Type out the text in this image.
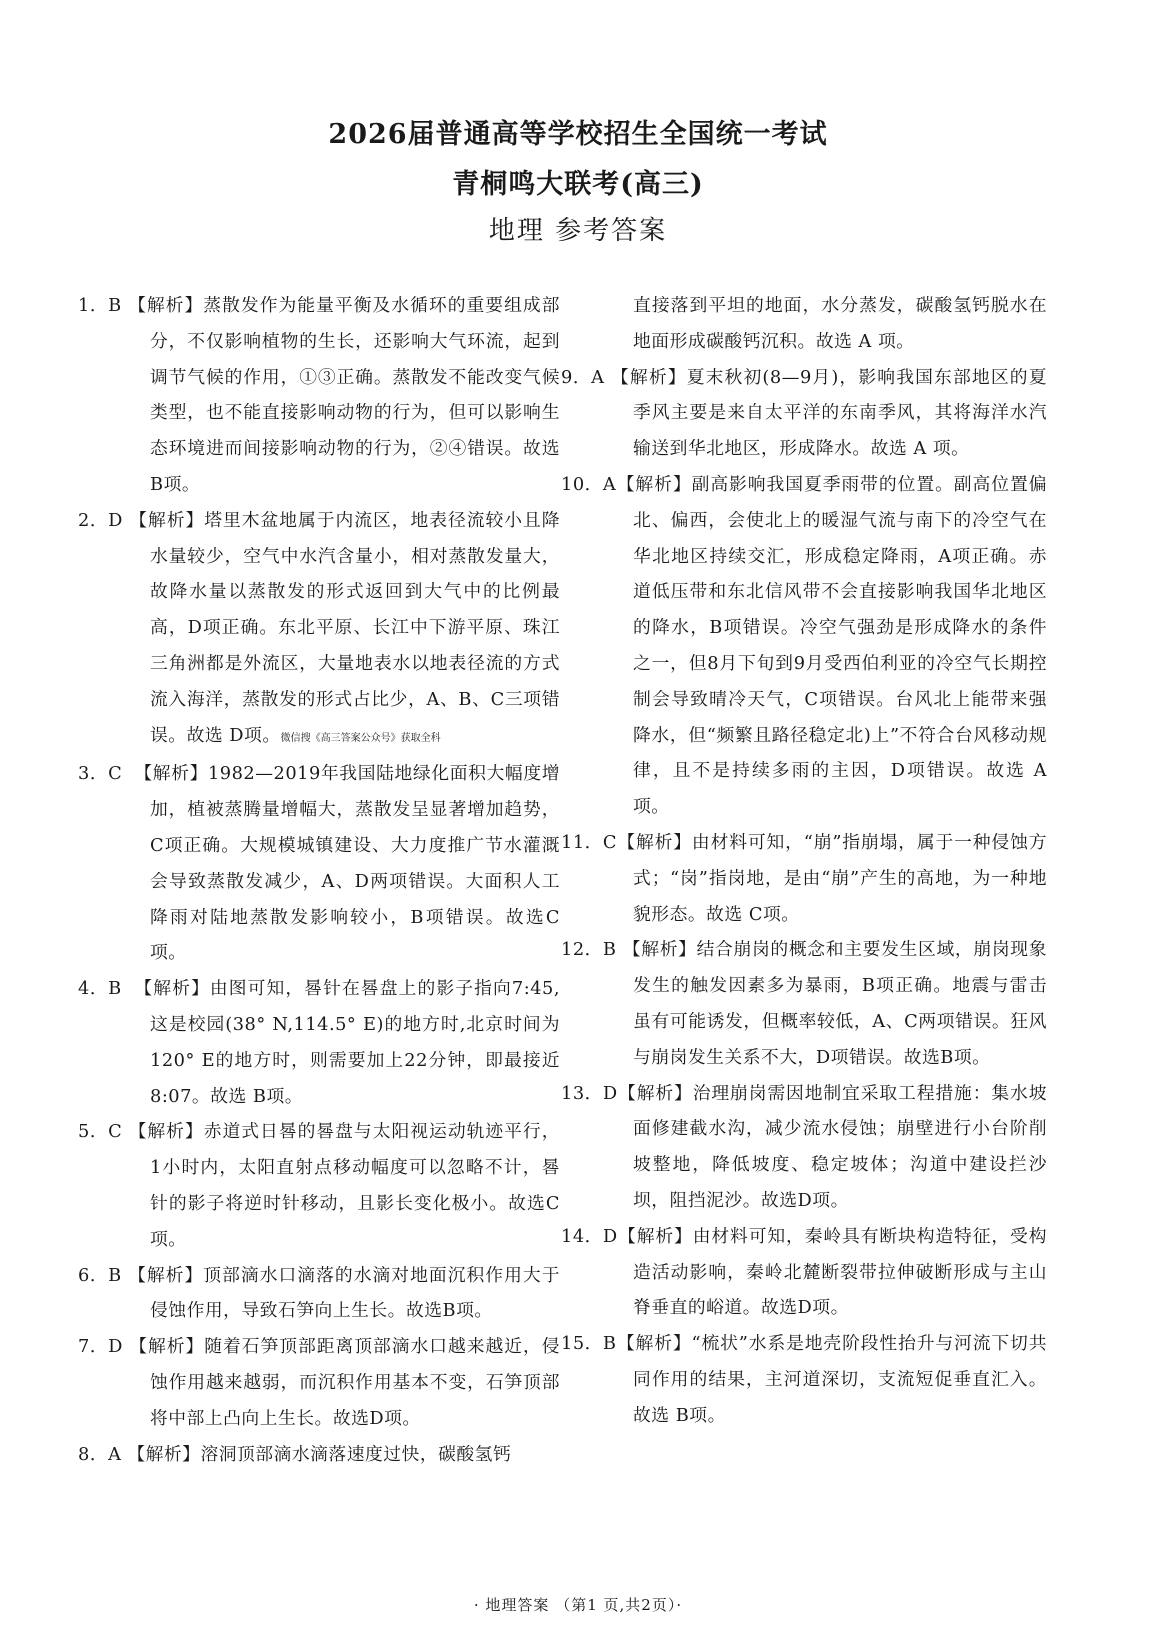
2026届普通高等学校招生全国统一考试
青桐鸣大联考(高三)
地理 参考答案
1．B 【解析】蒸散发作为能量平衡及水循环的重要组成部分，不仅影响植物的生长，还影响大气环流，起到调节气候的作用，①③正确。蒸散发不能改变气候类型，也不能直接影响动物的行为，但可以影响生态环境进而间接影响动物的行为，②④错误。故选B项。
2．D 【解析】塔里木盆地属于内流区，地表径流较小且降水量较少，空气中水汽含量小，相对蒸散发量大，故降水量以蒸散发的形式返回到大气中的比例最高，D项正确。东北平原、长江中下游平原、珠江三角洲都是外流区，大量地表水以地表径流的方式流入海洋，蒸散发的形式占比少，A、B、C三项错误。故选 D项。微信搜《高三答案公众号》获取全科
3．C 【解析】1982—2019年我国陆地绿化面积大幅度增加，植被蒸腾量增幅大，蒸散发呈显著增加趋势，C项正确。大规模城镇建设、大力度推广节水灌溉会导致蒸散发减少，A、D两项错误。大面积人工降雨对陆地蒸散发影响较小，B项错误。故选C项。
4．B 【解析】由图可知，晷针在晷盘上的影子指向7:45,这是校园(38° N,114.5° E)的地方时,北京时间为120° E的地方时，则需要加上22分钟，即最接近8:07。故选 B项。
5．C 【解析】赤道式日晷的晷盘与太阳视运动轨迹平行，1小时内，太阳直射点移动幅度可以忽略不计，晷针的影子将逆时针移动，且影长变化极小。故选C项。
6．B 【解析】顶部滴水口滴落的水滴对地面沉积作用大于侵蚀作用，导致石笋向上生长。故选B项。
7．D 【解析】随着石笋顶部距离顶部滴水口越来越近，侵蚀作用越来越弱，而沉积作用基本不变，石笋顶部将中部上凸向上生长。故选D项。
8．A 【解析】溶洞顶部滴水滴落速度过快，碳酸氢钙
直接落到平坦的地面，水分蒸发，碳酸氢钙脱水在地面形成碳酸钙沉积。故选 A 项。
9．A 【解析】夏末秋初(8—9月)，影响我国东部地区的夏季风主要是来自太平洋的东南季风，其将海洋水汽输送到华北地区，形成降水。故选 A 项。
10．A【解析】副高影响我国夏季雨带的位置。副高位置偏北、偏西，会使北上的暖湿气流与南下的冷空气在华北地区持续交汇，形成稳定降雨，A项正确。赤道低压带和东北信风带不会直接影响我国华北地区的降水，B项错误。冷空气强劲是形成降水的条件之一，但8月下旬到9月受西伯利亚的冷空气长期控制会导致晴冷天气，C项错误。台风北上能带来强降水，但“频繁且路径稳定北)上”不符合台风移动规律，且不是持续多雨的主因，D项错误。故选 A 项。
11．C【解析】由材料可知，“崩”指崩塌，属于一种侵蚀方式；“岗”指岗地，是由“崩”产生的高地，为一种地貌形态。故选 C项。
12．B 【解析】结合崩岗的概念和主要发生区域，崩岗现象发生的触发因素多为暴雨，B项正确。地震与雷击虽有可能诱发，但概率较低，A、C两项错误。狂风与崩岗发生关系不大，D项错误。故选B项。
13．D【解析】治理崩岗需因地制宜采取工程措施：集水坡面修建截水沟，减少流水侵蚀；崩壁进行小台阶削坡整地，降低坡度、稳定坡体；沟道中建设拦沙坝，阻挡泥沙。故选D项。
14．D【解析】由材料可知，秦岭具有断块构造特征，受构造活动影响，秦岭北麓断裂带拉伸破断形成与主山脊垂直的峪道。故选D项。
15．B【解析】“梳状”水系是地壳阶段性抬升与河流下切共同作用的结果，主河道深切，支流短促垂直汇入。故选 B项。
· 地理答案 （第1 页,共2页）·
